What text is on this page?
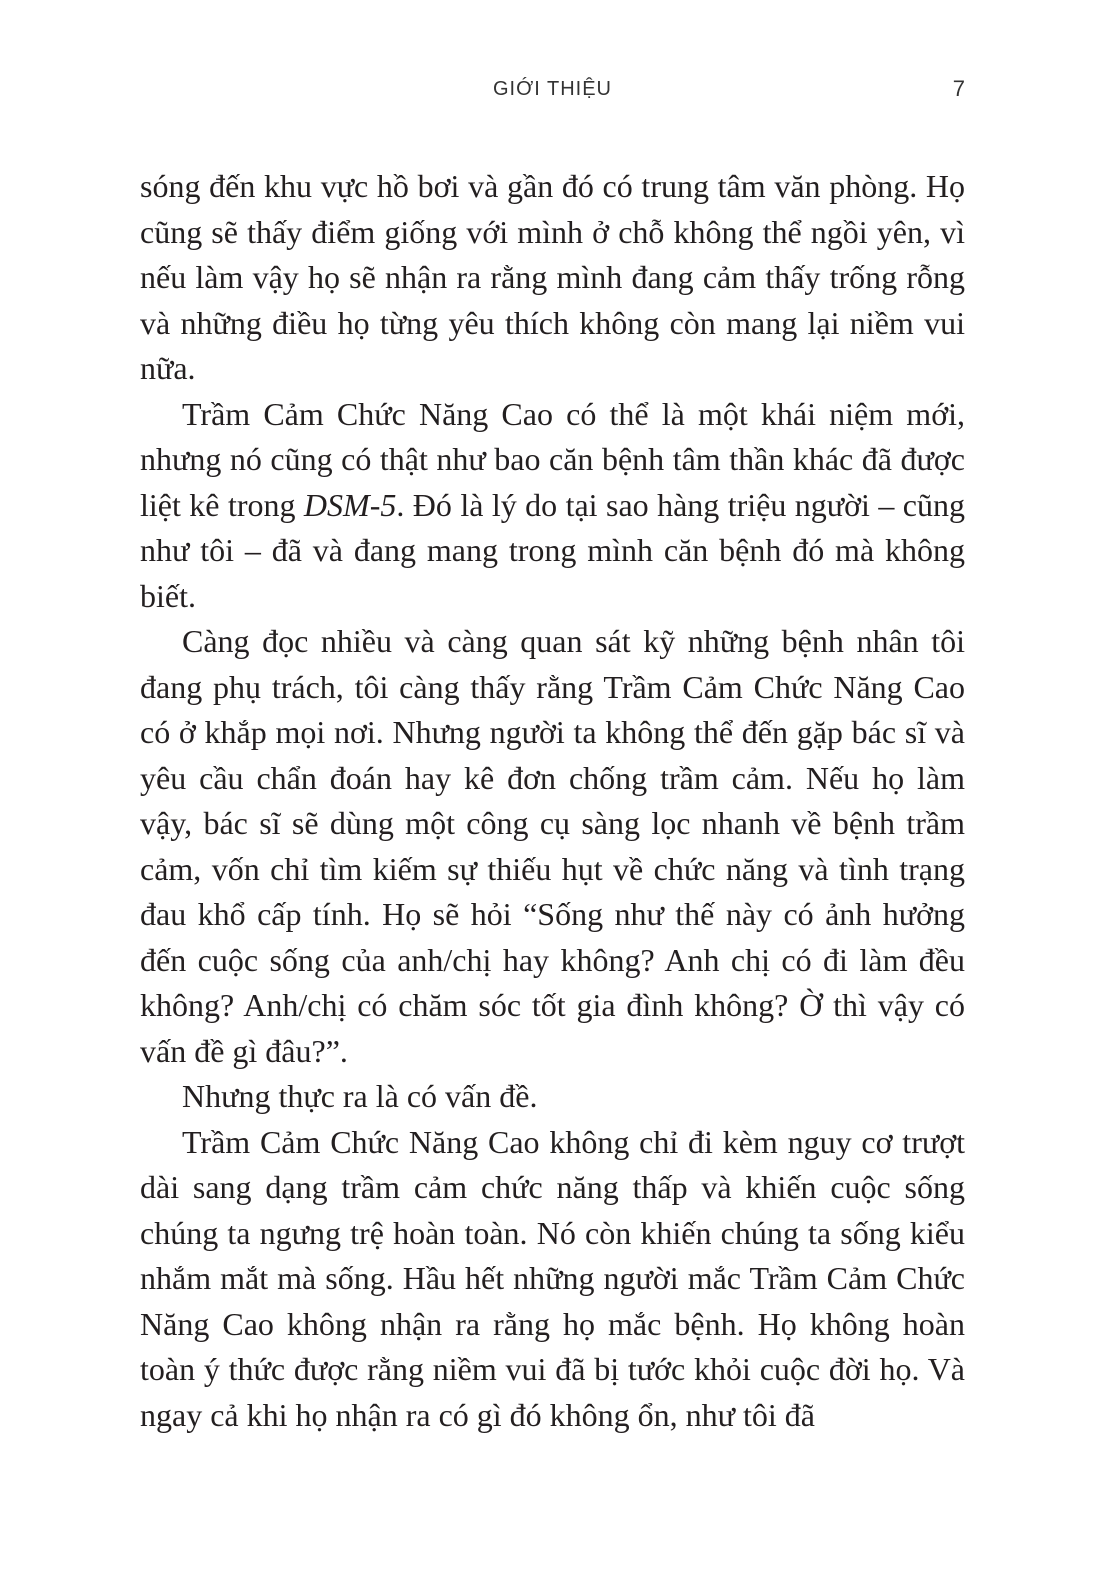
GIỚI THIỆU	7

sóng đến khu vực hồ bơi và gần đó có trung tâm văn phòng. Họ cũng sẽ thấy điểm giống với mình ở chỗ không thể ngồi yên, vì nếu làm vậy họ sẽ nhận ra rằng mình đang cảm thấy trống rỗng và những điều họ từng yêu thích không còn mang lại niềm vui nữa.

Trầm Cảm Chức Năng Cao có thể là một khái niệm mới, nhưng nó cũng có thật như bao căn bệnh tâm thần khác đã được liệt kê trong DSM-5. Đó là lý do tại sao hàng triệu người – cũng như tôi – đã và đang mang trong mình căn bệnh đó mà không biết.

Càng đọc nhiều và càng quan sát kỹ những bệnh nhân tôi đang phụ trách, tôi càng thấy rằng Trầm Cảm Chức Năng Cao có ở khắp mọi nơi. Nhưng người ta không thể đến gặp bác sĩ và yêu cầu chẩn đoán hay kê đơn chống trầm cảm. Nếu họ làm vậy, bác sĩ sẽ dùng một công cụ sàng lọc nhanh về bệnh trầm cảm, vốn chỉ tìm kiếm sự thiếu hụt về chức năng và tình trạng đau khổ cấp tính. Họ sẽ hỏi “Sống như thế này có ảnh hưởng đến cuộc sống của anh/chị hay không? Anh chị có đi làm đều không? Anh/chị có chăm sóc tốt gia đình không? Ờ thì vậy có vấn đề gì đâu?”.

Nhưng thực ra là có vấn đề.

Trầm Cảm Chức Năng Cao không chỉ đi kèm nguy cơ trượt dài sang dạng trầm cảm chức năng thấp và khiến cuộc sống chúng ta ngưng trệ hoàn toàn. Nó còn khiến chúng ta sống kiểu nhắm mắt mà sống. Hầu hết những người mắc Trầm Cảm Chức Năng Cao không nhận ra rằng họ mắc bệnh. Họ không hoàn toàn ý thức được rằng niềm vui đã bị tước khỏi cuộc đời họ. Và ngay cả khi họ nhận ra có gì đó không ổn, như tôi đã
